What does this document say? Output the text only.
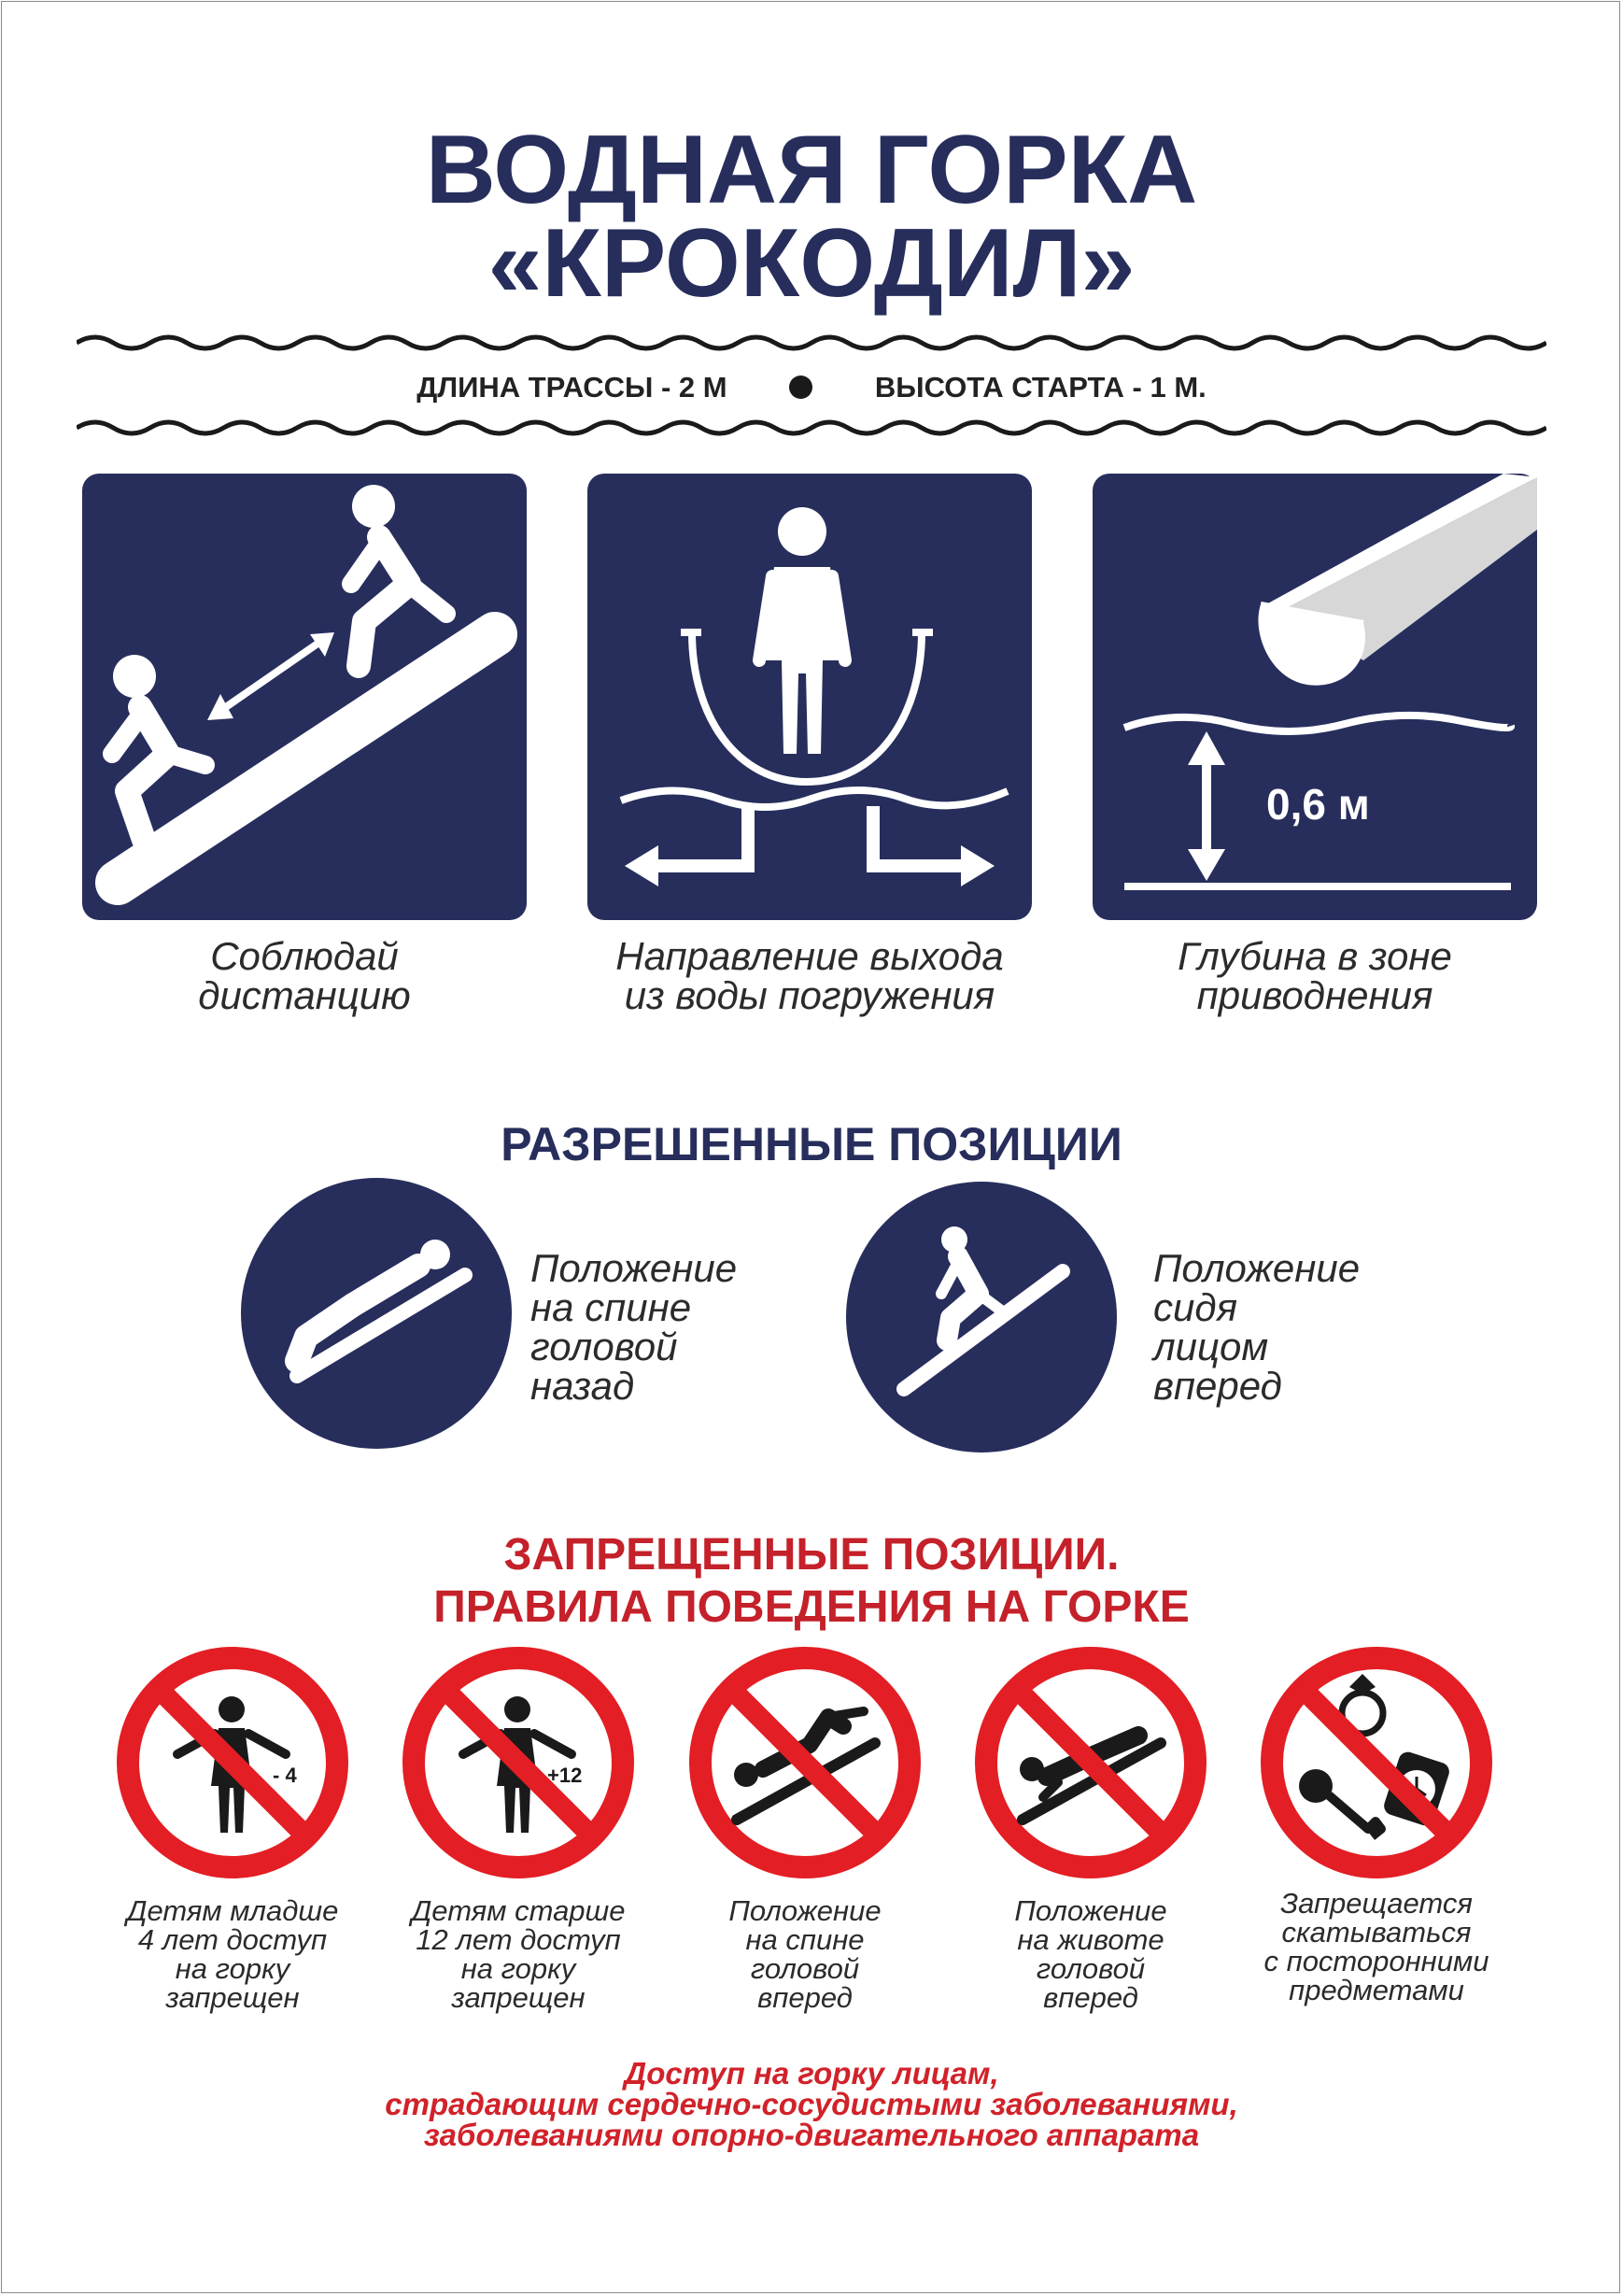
ВОДНАЯ ГОРКА
«КРОКОДИЛ»
ДЛИНА ТРАССЫ - 2 М	ВЫСОТА СТАРТА - 1 М.
Соблюдай
дистанцию
Направление выхода
из воды погружения
0,6 м
Глубина в зоне
приводнения
РАЗРЕШЕННЫЕ ПОЗИЦИИ
Положение
на спине
головой
назад
Положение
сидя
лицом
вперед
ЗАПРЕЩЕННЫЕ ПОЗИЦИИ.
ПРАВИЛА ПОВЕДЕНИЯ НА ГОРКЕ
- 4
Детям младше
4 лет доступ
на горку
запрещен
+12
Детям старше
12 лет доступ
на горку
запрещен
Положение
на спине
головой
вперед
Положение
на животе
головой
вперед
Запрещается
скатываться
с посторонними
предметами
Доступ на горку лицам,
страдающим сердечно-сосудистыми заболеваниями,
заболеваниями опорно-двигательного аппарата
